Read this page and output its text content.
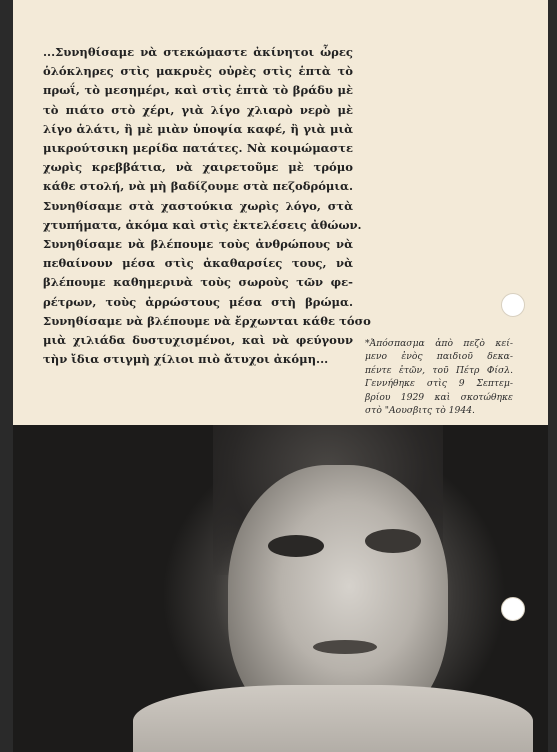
...Συνηθίσαμε νὰ στεκώμαστε ἀκίνητοι ὧρες
ὁλόκληρες στὶς μακρυὲς οὐρὲς στὶς ἑπτὰ τὸ
πρωΐ, τὸ μεσημέρι, καὶ στὶς ἑπτὰ τὸ βράδυ μὲ
τὸ πιάτο στὸ χέρι, γιὰ λίγο χλιαρὸ νερὸ μὲ
λίγο ἁλάτι, ἢ μὲ μιὰν ὑποψία καφέ, ἢ γιὰ μιὰ
μικρούτσικη μερίδα πατάτες. Νὰ κοιμώμαστε
χωρὶς κρεββάτια, νὰ χαιρετοῦμε μὲ τρόμο
κάθε στολή, νὰ μὴ βαδίζουμε στὰ πεζοδρόμια.
Συνηθίσαμε στὰ χαστούκια χωρὶς λόγο, στὰ
χτυπήματα, ἀκόμα καὶ στὶς ἐκτελέσεις ἀθώων.
Συνηθίσαμε νὰ βλέπουμε τοὺς ἀνθρώπους νὰ
πεθαίνουν μέσα στὶς ἀκαθαρσίες τους, νὰ
βλέπουμε καθημερινὰ τοὺς σωροὺς τῶν φε-
ρέτρων, τοὺς ἀρρώστους μέσα στὴ βρώμα.
Συνηθίσαμε νὰ βλέπουμε νὰ ἔρχωνται κάθε τόσο
μιὰ χιλιάδα δυστυχισμένοι, καὶ νὰ φεύγουν
τὴν ἴδια στιγμὴ χίλιοι πιὸ ἄτυχοι ἀκόμη...
*Ἀπόσπασμα ἀπὸ πεζὸ κεί-
μενο ἑνὸς παιδιοῦ δεκα-
πέντε ἐτῶν, τοῦ Πέτρ Φίσλ.
Γεννήθηκε στὶς 9 Σεπτεμ-
βρίου 1929 καὶ σκοτώθηκε
στὸ "Αουσβιτς τὸ 1944.
